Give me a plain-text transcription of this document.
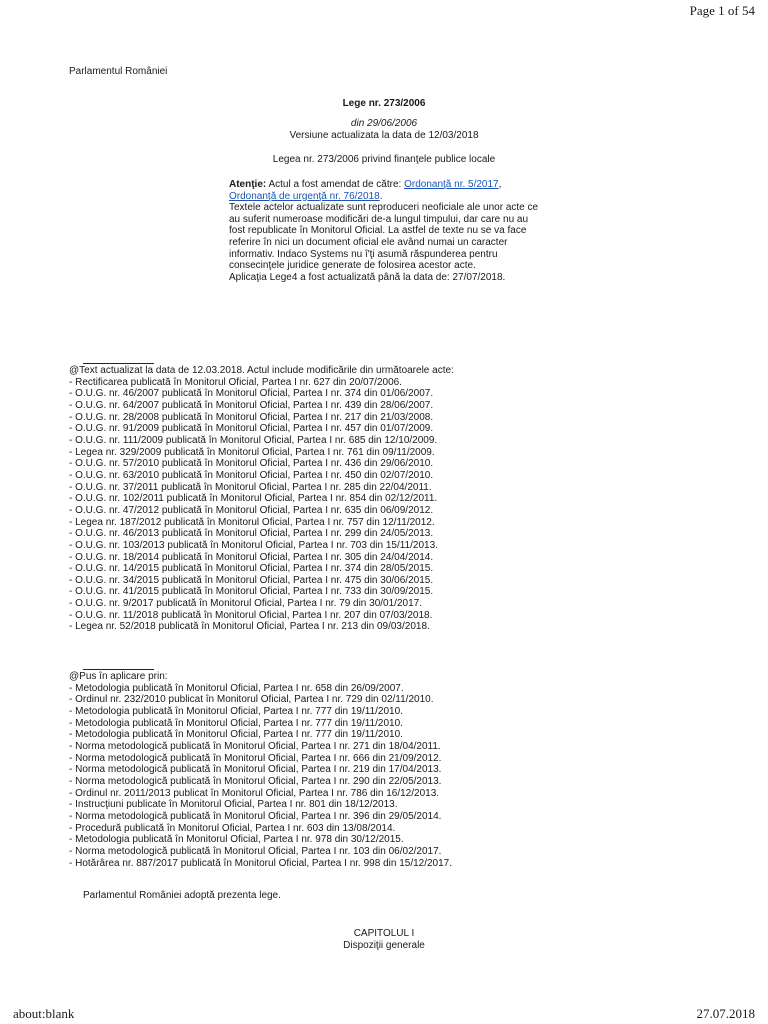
Page 1 of 54
Parlamentul României
Lege nr. 273/2006
din 29/06/2006
Versiune actualizata la data de 12/03/2018
Legea nr. 273/2006 privind finanţele publice locale
Atenţie: Actul a fost amendat de către: Ordonanţă nr. 5/2017, Ordonanţă de urgenţă nr. 76/2018.
Textele actelor actualizate sunt reproduceri neoficiale ale unor acte ce au suferit numeroase modificări de-a lungul timpului, dar care nu au fost republicate în Monitorul Oficial. La astfel de texte nu se va face referire în nici un document oficial ele având numai un caracter informativ. Indaco Systems nu î'ţi asumă răspunderea pentru consecinţele juridice generate de folosirea acestor acte.
Aplicaţia Lege4 a fost actualizată până la data de: 27/07/2018.
@Text actualizat la data de 12.03.2018. Actul include modificările din următoarele acte:
- Rectificarea publicată în Monitorul Oficial, Partea I nr. 627 din 20/07/2006.
- O.U.G. nr. 46/2007 publicată în Monitorul Oficial, Partea I nr. 374 din 01/06/2007.
- O.U.G. nr. 64/2007 publicată în Monitorul Oficial, Partea I nr. 439 din 28/06/2007.
- O.U.G. nr. 28/2008 publicată în Monitorul Oficial, Partea I nr. 217 din 21/03/2008.
- O.U.G. nr. 91/2009 publicată în Monitorul Oficial, Partea I nr. 457 din 01/07/2009.
- O.U.G. nr. 111/2009 publicată în Monitorul Oficial, Partea I nr. 685 din 12/10/2009.
- Legea nr. 329/2009 publicată în Monitorul Oficial, Partea I nr. 761 din 09/11/2009.
- O.U.G. nr. 57/2010 publicată în Monitorul Oficial, Partea I nr. 436 din 29/06/2010.
- O.U.G. nr. 63/2010 publicată în Monitorul Oficial, Partea I nr. 450 din 02/07/2010.
- O.U.G. nr. 37/2011 publicată în Monitorul Oficial, Partea I nr. 285 din 22/04/2011.
- O.U.G. nr. 102/2011 publicată în Monitorul Oficial, Partea I nr. 854 din 02/12/2011.
- O.U.G. nr. 47/2012 publicată în Monitorul Oficial, Partea I nr. 635 din 06/09/2012.
- Legea nr. 187/2012 publicată în Monitorul Oficial, Partea I nr. 757 din 12/11/2012.
- O.U.G. nr. 46/2013 publicată în Monitorul Oficial, Partea I nr. 299 din 24/05/2013.
- O.U.G. nr. 103/2013 publicată în Monitorul Oficial, Partea I nr. 703 din 15/11/2013.
- O.U.G. nr. 18/2014 publicată în Monitorul Oficial, Partea I nr. 305 din 24/04/2014.
- O.U.G. nr. 14/2015 publicată în Monitorul Oficial, Partea I nr. 374 din 28/05/2015.
- O.U.G. nr. 34/2015 publicată în Monitorul Oficial, Partea I nr. 475 din 30/06/2015.
- O.U.G. nr. 41/2015 publicată în Monitorul Oficial, Partea I nr. 733 din 30/09/2015.
- O.U.G. nr. 9/2017 publicată în Monitorul Oficial, Partea I nr. 79 din 30/01/2017.
- O.U.G. nr. 11/2018 publicată în Monitorul Oficial, Partea I nr. 207 din 07/03/2018.
- Legea nr. 52/2018 publicată în Monitorul Oficial, Partea I nr. 213 din 09/03/2018.
@Pus în aplicare prin:
- Metodologia publicată în Monitorul Oficial, Partea I nr. 658 din 26/09/2007.
- Ordinul nr. 232/2010 publicat în Monitorul Oficial, Partea I nr. 729 din 02/11/2010.
- Metodologia publicată în Monitorul Oficial, Partea I nr. 777 din 19/11/2010.
- Metodologia publicată în Monitorul Oficial, Partea I nr. 777 din 19/11/2010.
- Metodologia publicată în Monitorul Oficial, Partea I nr. 777 din 19/11/2010.
- Norma metodologică publicată în Monitorul Oficial, Partea I nr. 271 din 18/04/2011.
- Norma metodologică publicată în Monitorul Oficial, Partea I nr. 666 din 21/09/2012.
- Norma metodologică publicată în Monitorul Oficial, Partea I nr. 219 din 17/04/2013.
- Norma metodologică publicată în Monitorul Oficial, Partea I nr. 290 din 22/05/2013.
- Ordinul nr. 2011/2013 publicat în Monitorul Oficial, Partea I nr. 786 din 16/12/2013.
- Instrucţiuni publicate în Monitorul Oficial, Partea I nr. 801 din 18/12/2013.
- Norma metodologică publicată în Monitorul Oficial, Partea I nr. 396 din 29/05/2014.
- Procedură publicată în Monitorul Oficial, Partea I nr. 603 din 13/08/2014.
- Metodologia publicată în Monitorul Oficial, Partea I nr. 978 din 30/12/2015.
- Norma metodologică publicată în Monitorul Oficial, Partea I nr. 103 din 06/02/2017.
- Hotărârea nr. 887/2017 publicată în Monitorul Oficial, Partea I nr. 998 din 15/12/2017.
Parlamentul României adoptă prezenta lege.
CAPITOLUL I
Dispoziţii generale
about:blank	27.07.2018
